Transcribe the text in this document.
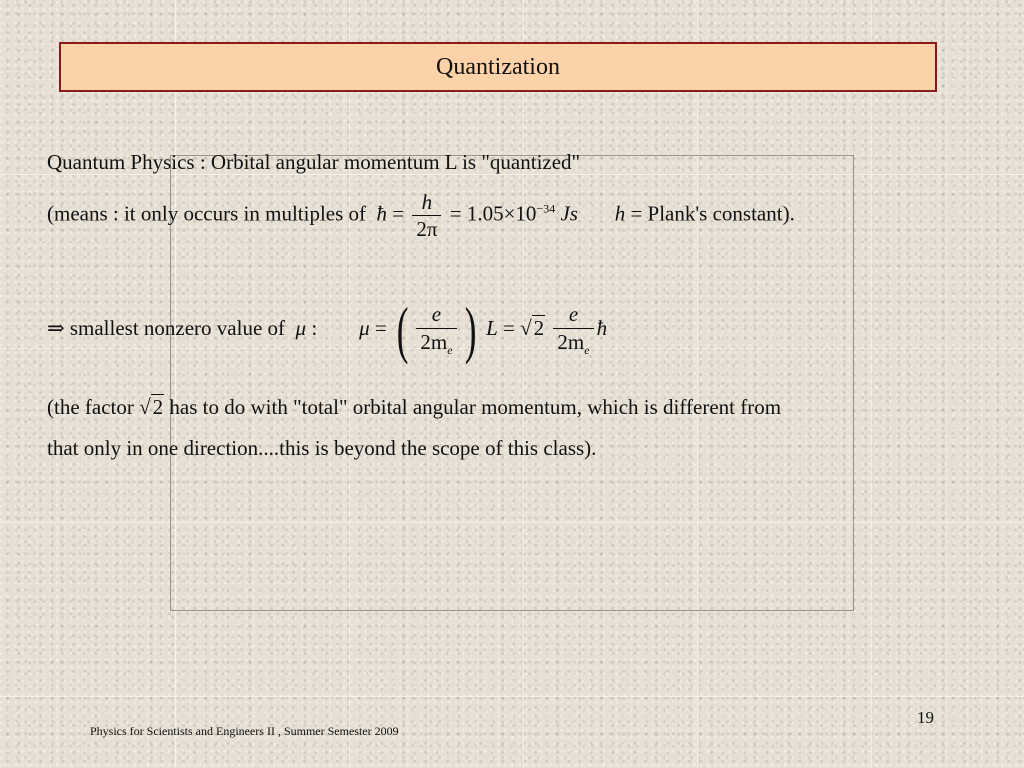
Quantization
Quantum Physics : Orbital angular momentum L is "quantized"
(means : it only occurs in multiples of ħ = $\frac{h}{2\pi} = 1.05\times 10^{-34}$ Js h = Plank's constant).
⇒ smallest nonzero value of μ : μ = ( $\frac{e}{2m_e}$ ) $L = √2 \frac{e}{2m_e}$ ħ
(the factor √2 has to do with "total" orbital angular momentum, which is different from
that only in one direction....this is beyond the scope of this class).
Physics for Scientists and Engineers II , Summer Semester 2009
19
